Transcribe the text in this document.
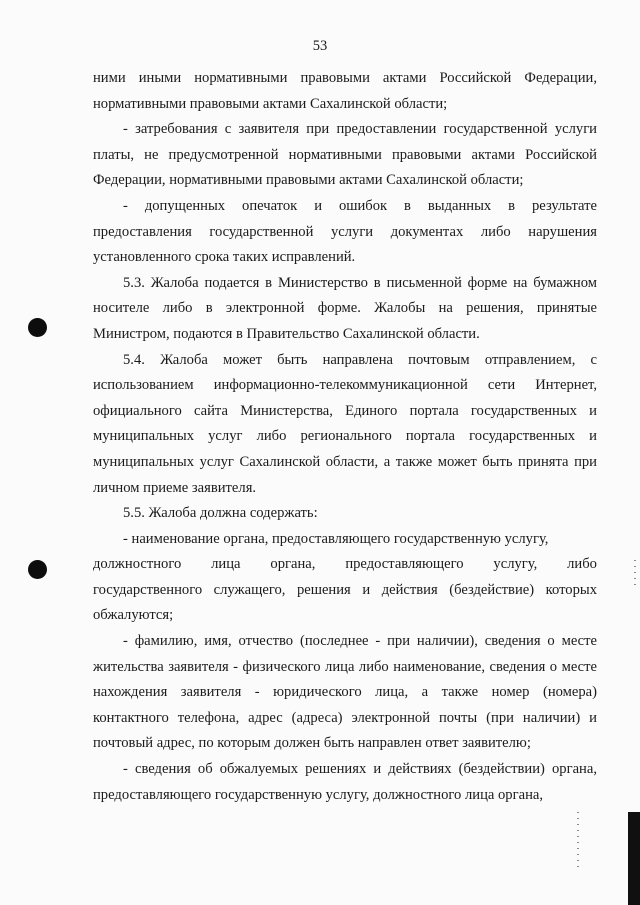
53

ними иными нормативными правовыми актами Российской Федерации, нормативными правовыми актами Сахалинской области;

- затребования с заявителя при предоставлении государственной услуги платы, не предусмотренной нормативными правовыми актами Российской Федерации, нормативными правовыми актами Сахалинской области;

- допущенных опечаток и ошибок в выданных в результате

предоставления государственной услуги документах либо нарушения установленного срока таких исправлений.

5.3. Жалоба подается в Министерство в письменной форме на бумажном носителе либо в электронной форме. Жалобы на решения, принятые Министром, подаются в Правительство Сахалинской области.

5.4. Жалоба может быть направлена почтовым отправлением, с использованием информационно-телекоммуникационной сети Интернет, официального сайта Министерства, Единого портала государственных и муниципальных услуг либо регионального портала государственных и муниципальных услуг Сахалинской области, а также может быть принята при личном приеме заявителя.

5.5. Жалоба должна содержать:

- наименование органа, предоставляющего государственную услугу,

должностного лица органа, предоставляющего услугу, либо

государственного служащего, решения и действия (бездействие) которых обжалуются;

- фамилию, имя, отчество (последнее - при наличии), сведения о месте жительства заявителя - физического лица либо наименование, сведения о месте нахождения заявителя - юридического лица, а также номер (номера) контактного телефона, адрес (адреса) электронной почты (при наличии) и почтовый адрес, по которым должен быть направлен ответ заявителю;

- сведения об обжалуемых решениях и действиях (бездействии) органа, предоставляющего государственную услугу, должностного лица органа,
